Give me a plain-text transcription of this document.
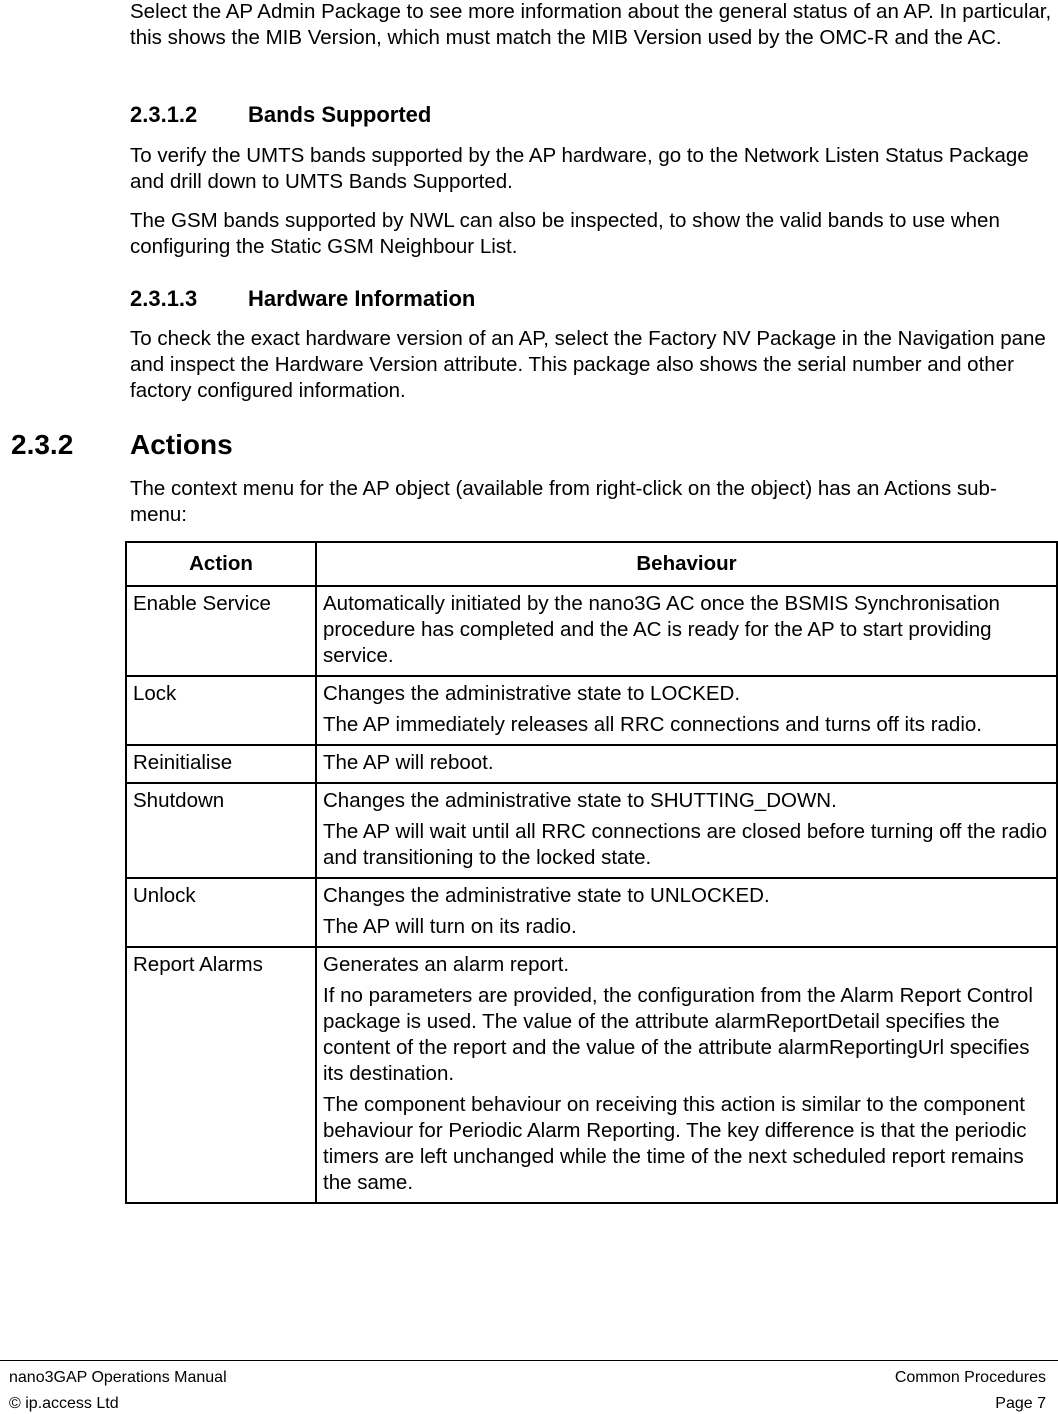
Select the AP Admin Package to see more information about the general status of an AP. In particular, this shows the MIB Version, which must match the MIB Version used by the OMC-R and the AC.

2.3.1.2 Bands Supported

To verify the UMTS bands supported by the AP hardware, go to the Network Listen Status Package and drill down to UMTS Bands Supported.

The GSM bands supported by NWL can also be inspected, to show the valid bands to use when configuring the Static GSM Neighbour List.

2.3.1.3 Hardware Information

To check the exact hardware version of an AP, select the Factory NV Package in the Navigation pane and inspect the Hardware Version attribute. This package also shows the serial number and other factory configured information.

2.3.2 Actions

The context menu for the AP object (available from right-click on the object) has an Actions sub-menu:

Action	Behaviour
Enable Service	Automatically initiated by the nano3G AC once the BSMIS Synchronisation procedure has completed and the AC is ready for the AP to start providing service.

Lock	Changes the administrative state to LOCKED.

The AP immediately releases all RRC connections and turns off its radio.

Reinitialise	The AP will reboot.

Shutdown	Changes the administrative state to SHUTTING_DOWN.

The AP will wait until all RRC connections are closed before turning off the radio and transitioning to the locked state.

Unlock	Changes the administrative state to UNLOCKED.

The AP will turn on its radio.

Report Alarms	Generates an alarm report.

If no parameters are provided, the configuration from the Alarm Report Control package is used. The value of the attribute alarmReportDetail specifies the content of the report and the value of the attribute alarmReportingUrl specifies its destination.

The component behaviour on receiving this action is similar to the component behaviour for Periodic Alarm Reporting. The key difference is that the periodic timers are left unchanged while the time of the next scheduled report remains the same.

nano3GAP Operations Manual	Common Procedures
© ip.access Ltd	Page 7
